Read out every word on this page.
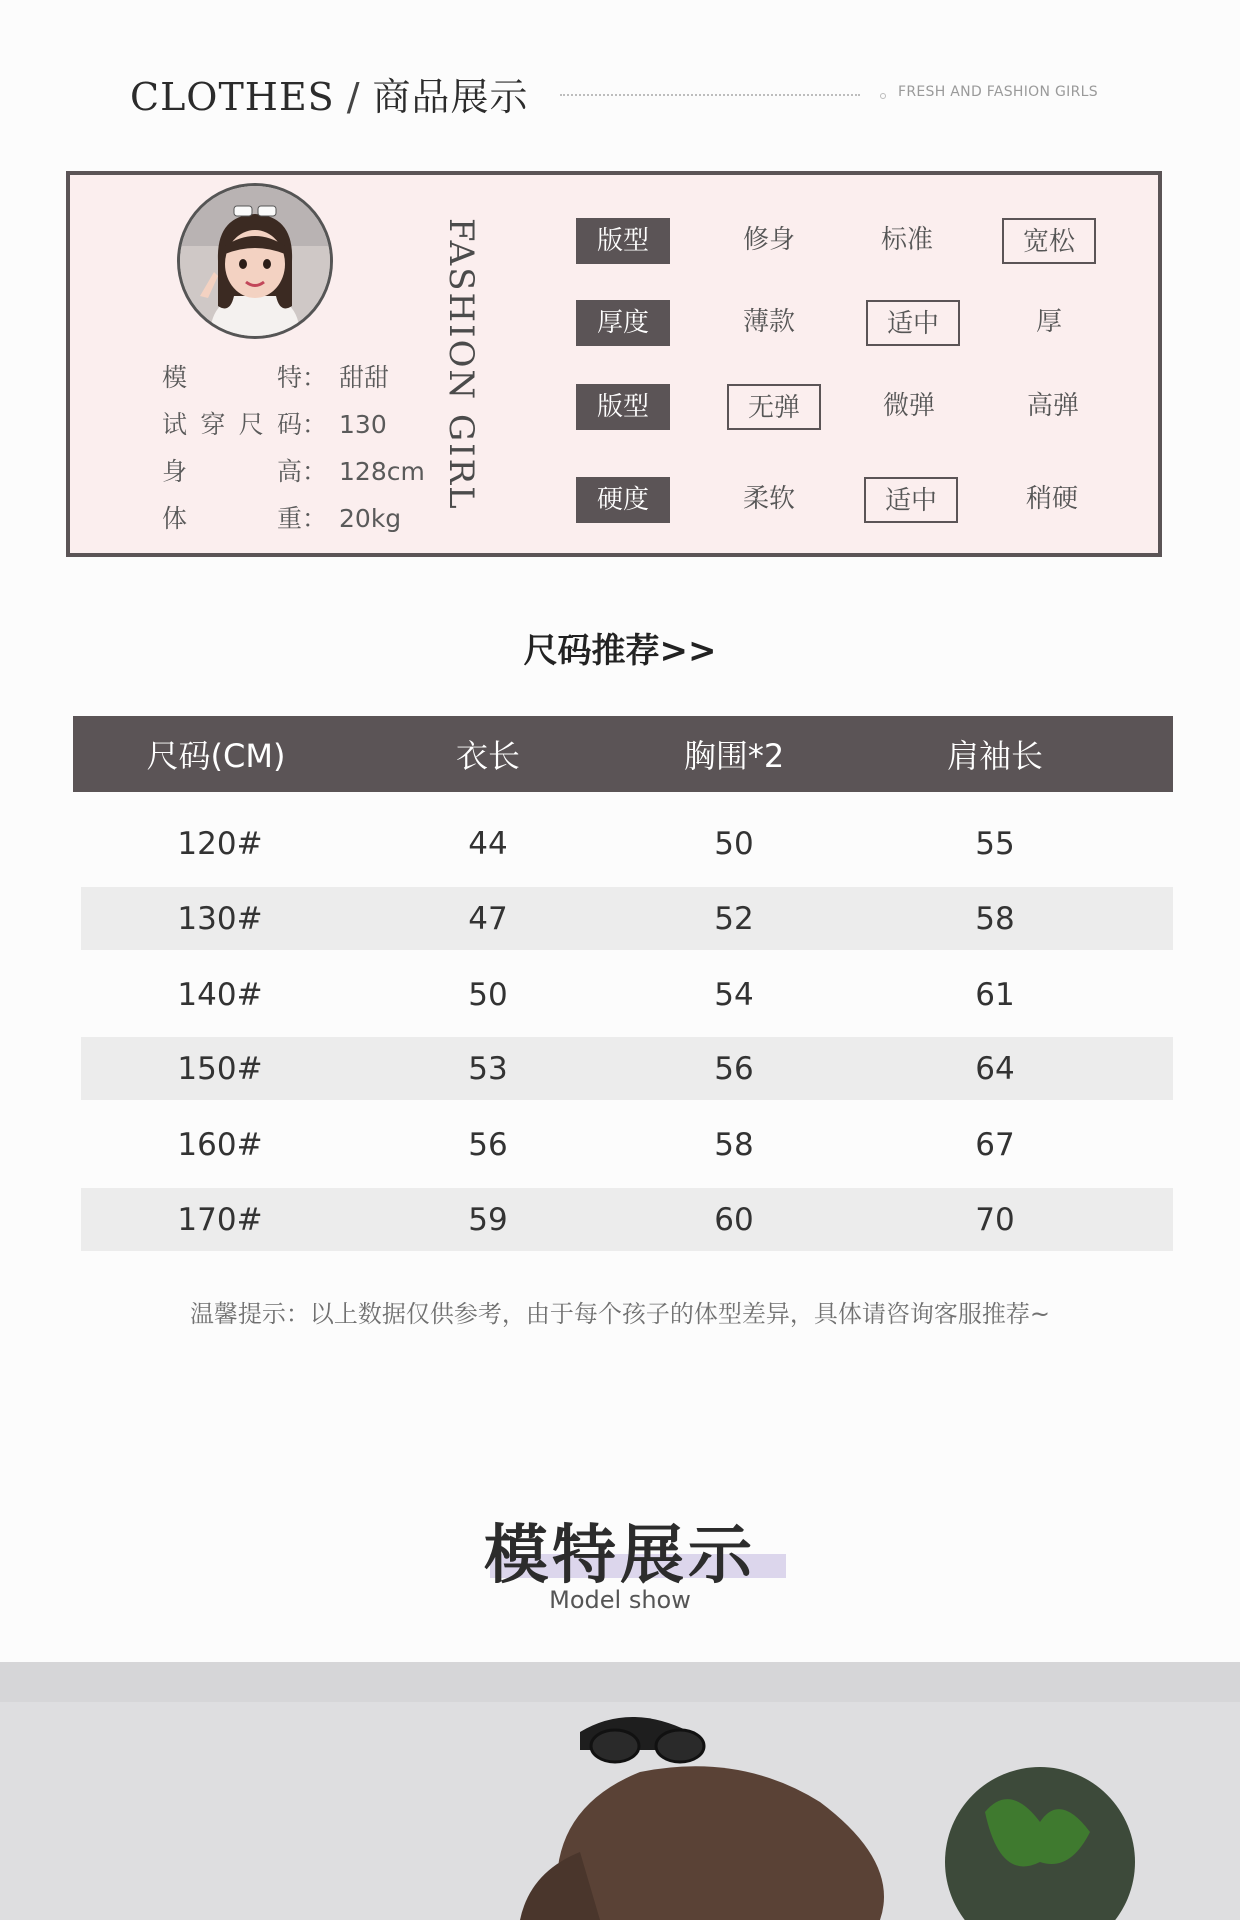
CLOTHES / 商品展示	FRESH AND FASHION GIRLS
模　　特： 甜甜
试穿尺码： 130
身　　高： 128cm
体　　重： 20kg
FASHION GIRL	版型	修身	标准	宽松
厚度	薄款	适中	厚
版型	无弹	微弹	高弹
硬度	柔软	适中	稍硬
尺码推荐>>
尺码(CM)	衣长	胸围*2	肩袖长
120#	44	50	55
130#	47	52	58
140#	50	54	61
150#	53	56	64
160#	56	58	67
170#	59	60	70
温馨提示：以上数据仅供参考，由于每个孩子的体型差异，具体请咨询客服推荐~
模特展示
Model show
